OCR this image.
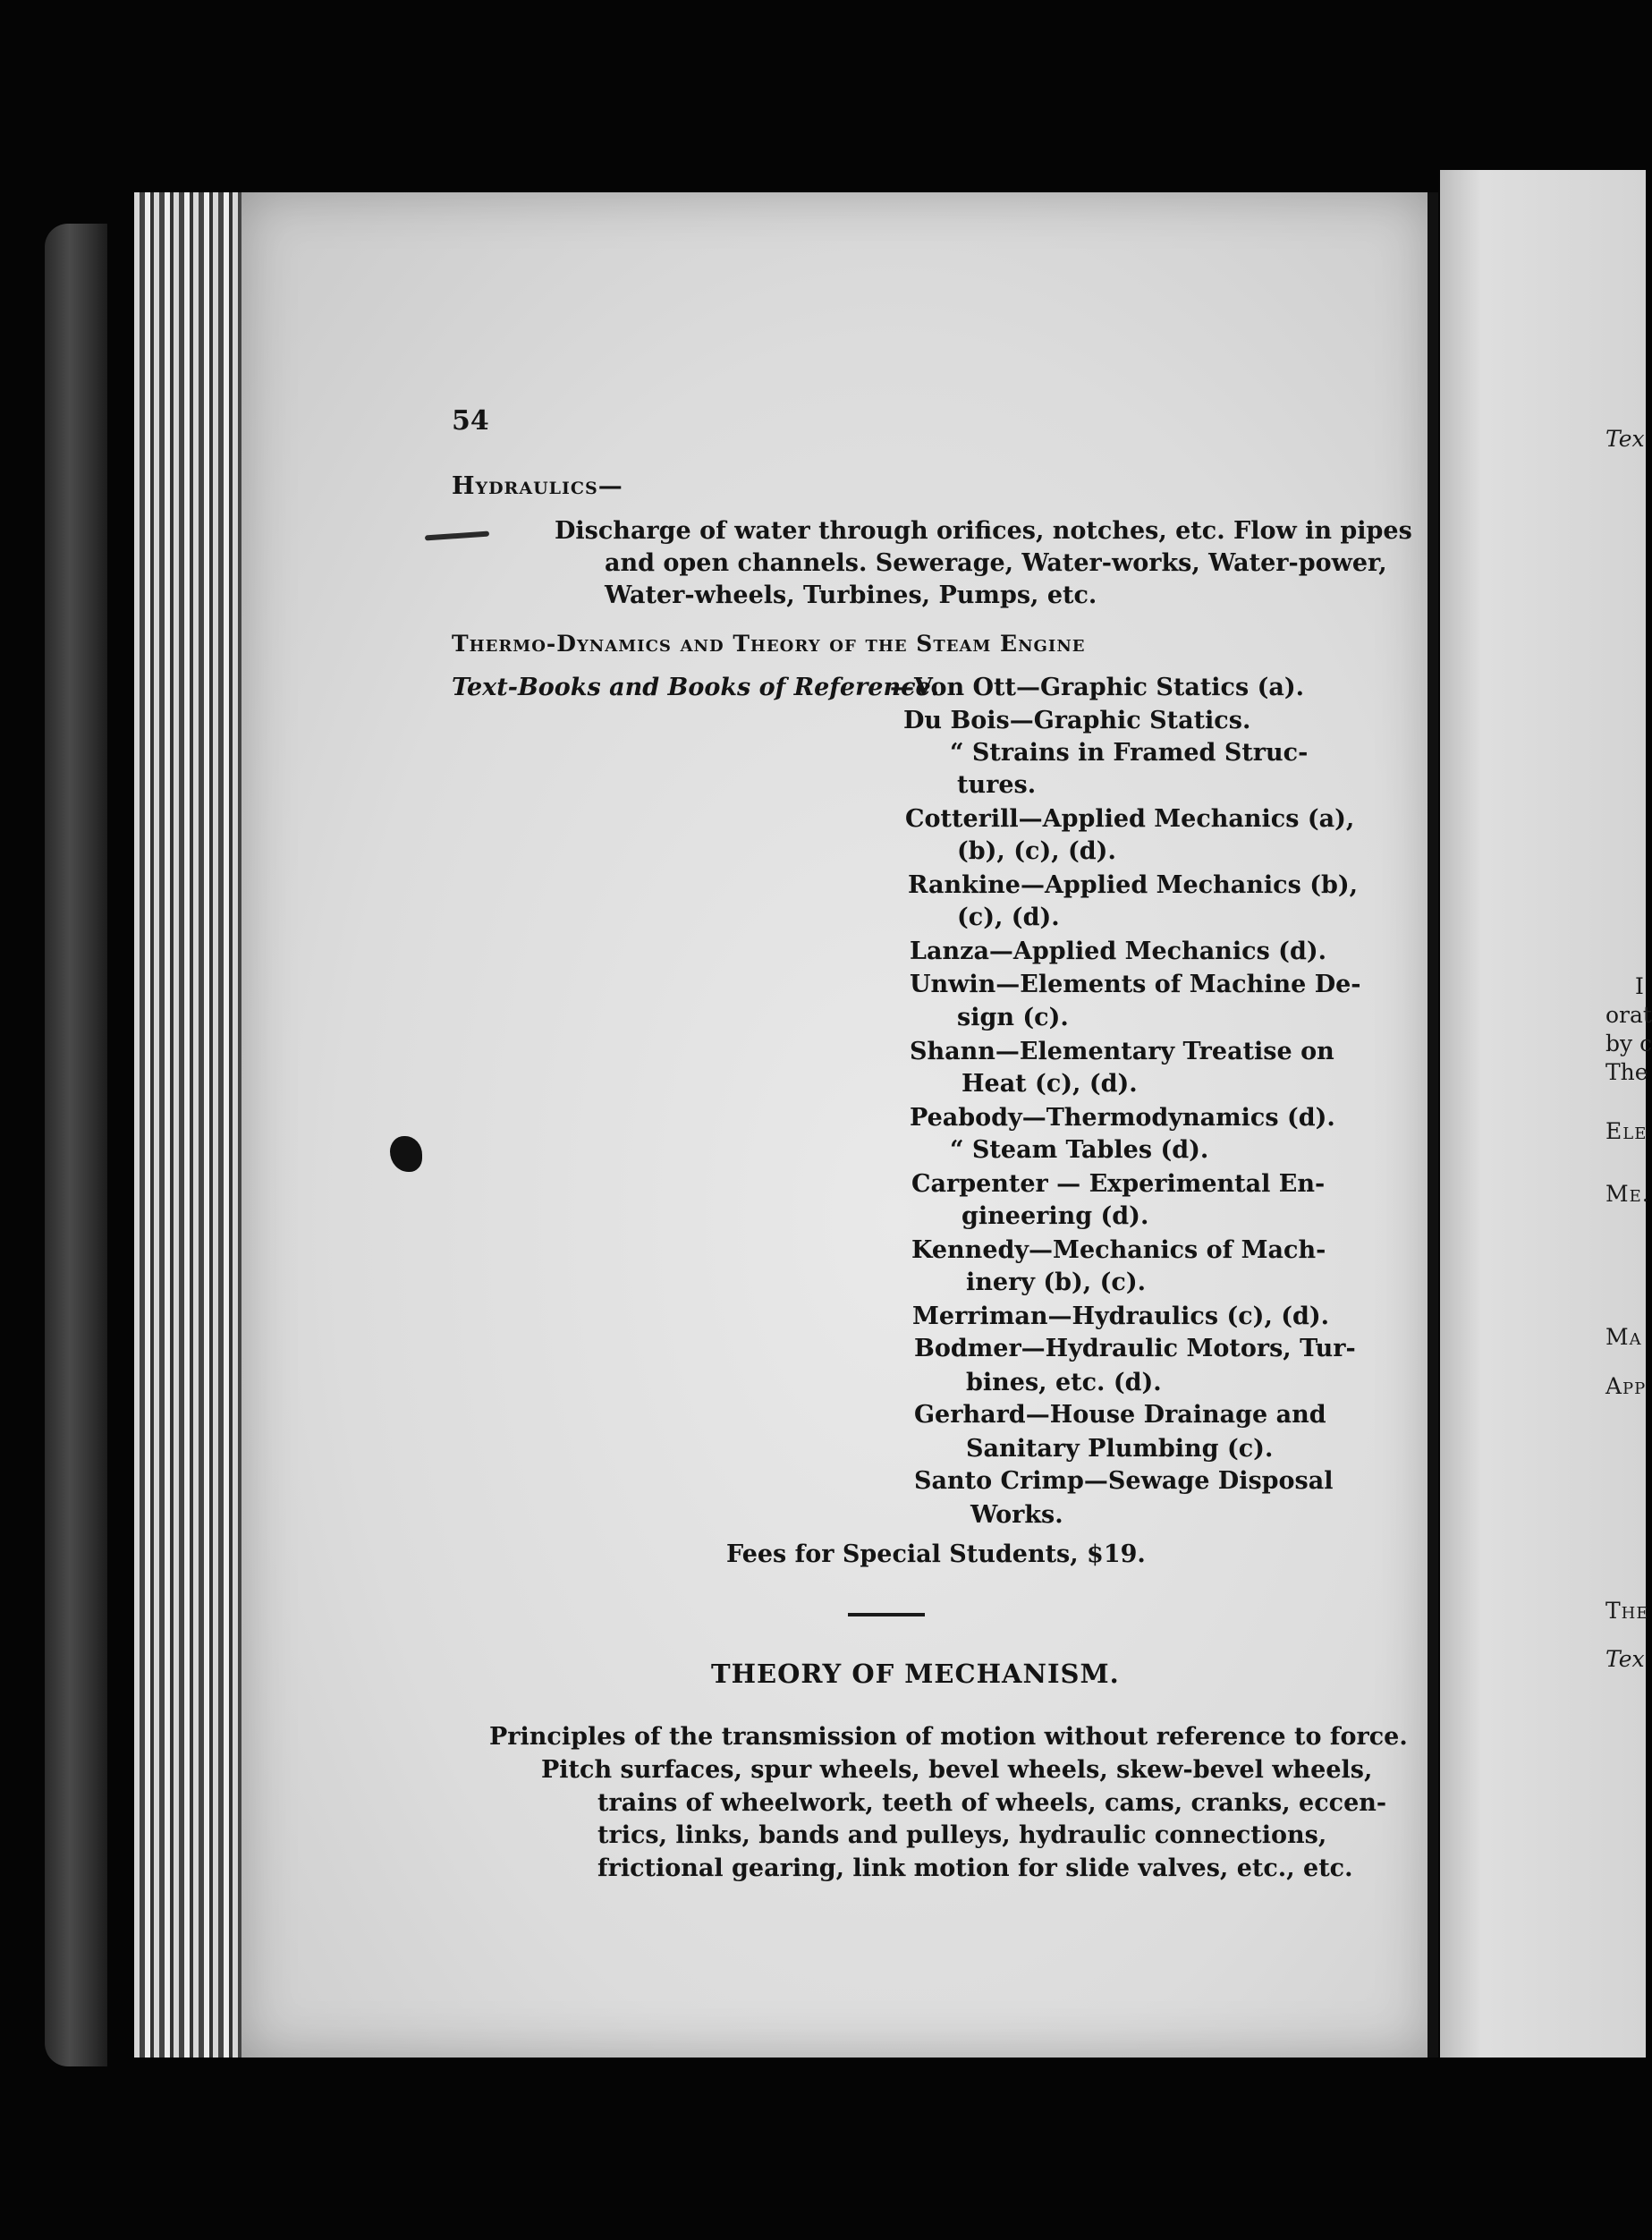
Tex
I
orat
by c
The
Ele
Me.
Ma
App
The
Tex
54
Hydraulics—
Discharge of water through orifices, notches, etc. Flow in pipes
and open channels. Sewerage, Water-works, Water-power,
Water-wheels, Turbines, Pumps, etc.
Thermo-Dynamics and Theory of the Steam Engine
Text-Books and Books of Reference.
—Von Ott—Graphic Statics (a).
Du Bois—Graphic Statics.
“ Strains in Framed Struc-
tures.
Cotterill—Applied Mechanics (a),
(b), (c), (d).
Rankine—Applied Mechanics (b),
(c), (d).
Lanza—Applied Mechanics (d).
Unwin—Elements of Machine De-
sign (c).
Shann—Elementary Treatise on
Heat (c), (d).
Peabody—Thermodynamics (d).
“ Steam Tables (d).
Carpenter — Experimental En-
gineering (d).
Kennedy—Mechanics of Mach-
inery (b), (c).
Merriman—Hydraulics (c), (d).
Bodmer—Hydraulic Motors, Tur-
bines, etc. (d).
Gerhard—House Drainage and
Sanitary Plumbing (c).
Santo Crimp—Sewage Disposal
Works.
Fees for Special Students, $19.
THEORY OF MECHANISM.
Principles of the transmission of motion without reference to force.
Pitch surfaces, spur wheels, bevel wheels, skew-bevel wheels,
trains of wheelwork, teeth of wheels, cams, cranks, eccen-
trics, links, bands and pulleys, hydraulic connections,
frictional gearing, link motion for slide valves, etc., etc.
